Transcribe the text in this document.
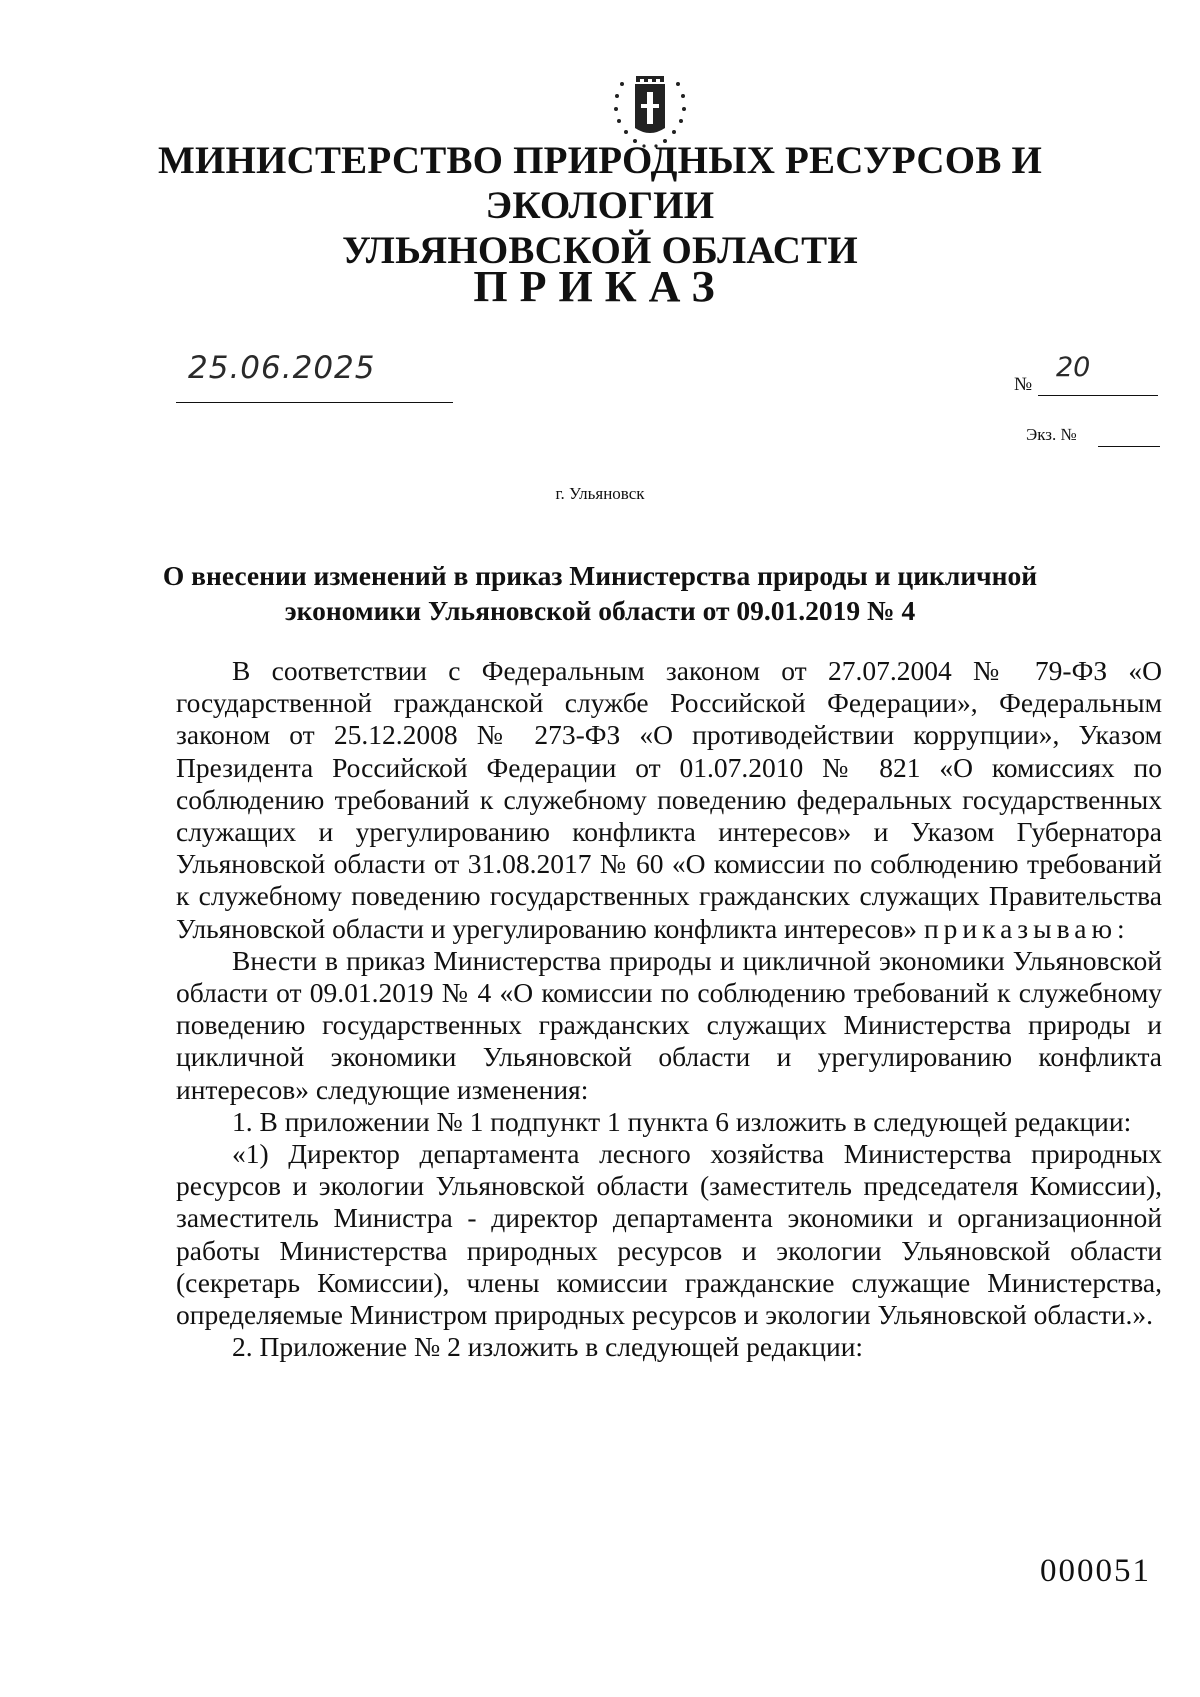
МИНИСТЕРСТВО ПРИРОДНЫХ РЕСУРСОВ И ЭКОЛОГИИ
УЛЬЯНОВСКОЙ ОБЛАСТИ
ПРИКАЗ
25.06.2025	№
20
Экз. №
г. Ульяновск
О внесении изменений в приказ Министерства природы и цикличной
экономики Ульяновской области от 09.01.2019 № 4

В соответствии с Федеральным законом от 27.07.2004 № 79-ФЗ «О государственной гражданской службе Российской Федерации», Федеральным законом от 25.12.2008 № 273-ФЗ «О противодействии коррупции», Указом Президента Российской Федерации от 01.07.2010 № 821 «О комиссиях по соблюдению требований к служебному поведению федеральных государственных служащих и урегулированию конфликта интересов» и Указом Губернатора Ульяновской области от 31.08.2017 № 60 «О комиссии по соблюдению требований к служебному поведению государственных гражданских служащих Правительства Ульяновской области и урегулированию конфликта интересов» приказываю:

Внести в приказ Министерства природы и цикличной экономики Ульяновской области от 09.01.2019 № 4 «О комиссии по соблюдению требований к служебному поведению государственных гражданских служащих Министерства природы и цикличной экономики Ульяновской области и урегулированию конфликта интересов» следующие изменения:

1. В приложении № 1 подпункт 1 пункта 6 изложить в следующей редакции:

«1) Директор департамента лесного хозяйства Министерства природных ресурсов и экологии Ульяновской области (заместитель председателя Комиссии), заместитель Министра - директор департамента экономики и организационной работы Министерства природных ресурсов и экологии Ульяновской области (секретарь Комиссии), члены комиссии гражданские служащие Министерства, определяемые Министром природных ресурсов и экологии Ульяновской области.».

2. Приложение № 2 изложить в следующей редакции:

000051
